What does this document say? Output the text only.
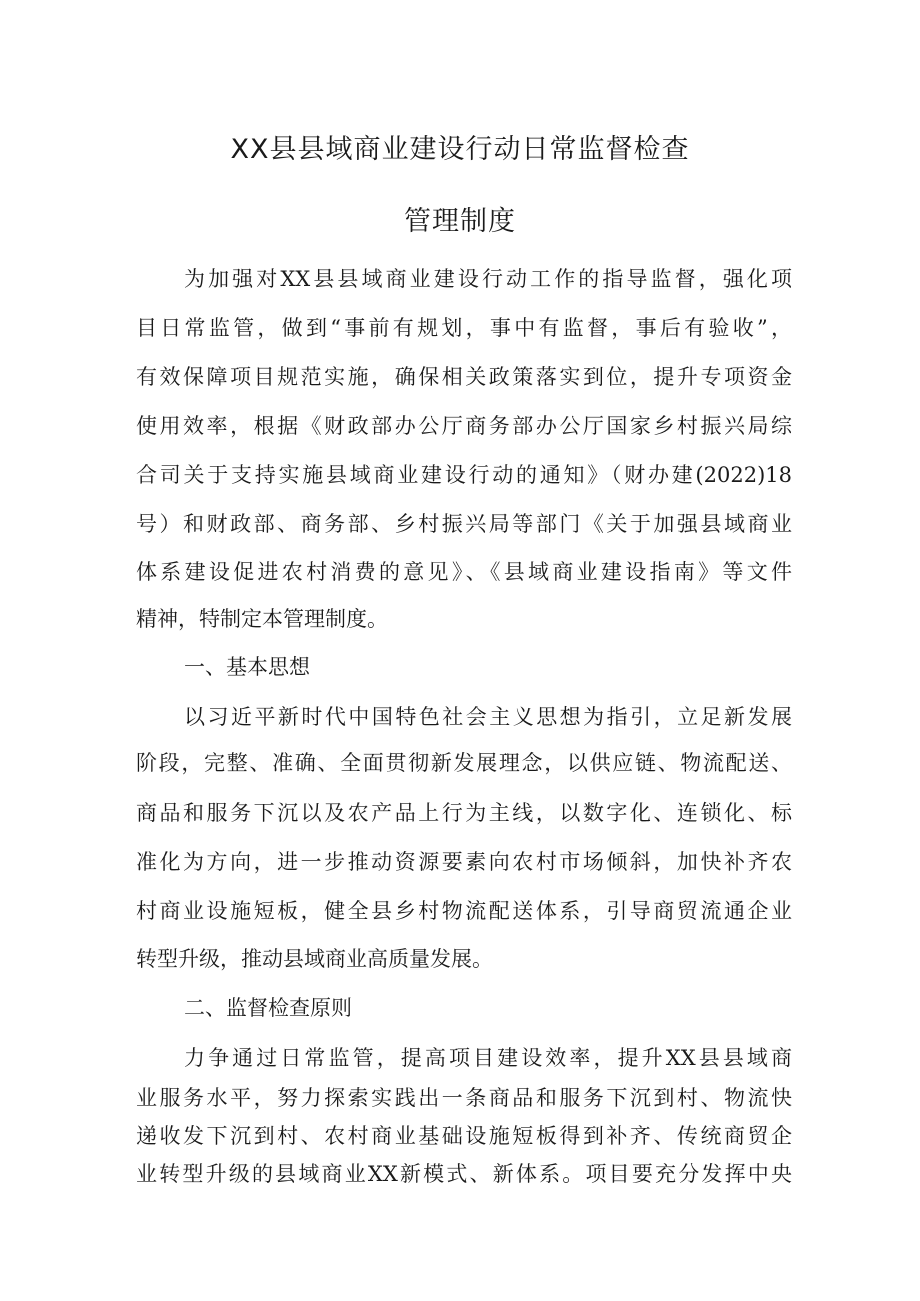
XX县县域商业建设行动日常监督检查
管理制度

为加强对XX县县域商业建设行动工作的指导监督，强化项

目日常监管，做到“事前有规划，事中有监督，事后有验收”，

有效保障项目规范实施，确保相关政策落实到位，提升专项资金

使用效率，根据《财政部办公厅商务部办公厅国家乡村振兴局综

合司关于支持实施县域商业建设行动的通知》（财办建(2022)18

号）和财政部、商务部、乡村振兴局等部门《关于加强县域商业

体系建设促进农村消费的意见》、《县域商业建设指南》等文件

精神，特制定本管理制度。

一、基本思想

以习近平新时代中国特色社会主义思想为指引，立足新发展

阶段，完整、准确、全面贯彻新发展理念，以供应链、物流配送、

商品和服务下沉以及农产品上行为主线，以数字化、连锁化、标

准化为方向，进一步推动资源要素向农村市场倾斜，加快补齐农

村商业设施短板，健全县乡村物流配送体系，引导商贸流通企业

转型升级，推动县域商业高质量发展。

二、监督检查原则

力争通过日常监管，提高项目建设效率，提升XX县县域商

业服务水平，努力探索实践出一条商品和服务下沉到村、物流快

递收发下沉到村、农村商业基础设施短板得到补齐、传统商贸企

业转型升级的县域商业XX新模式、新体系。项目要充分发挥中央
